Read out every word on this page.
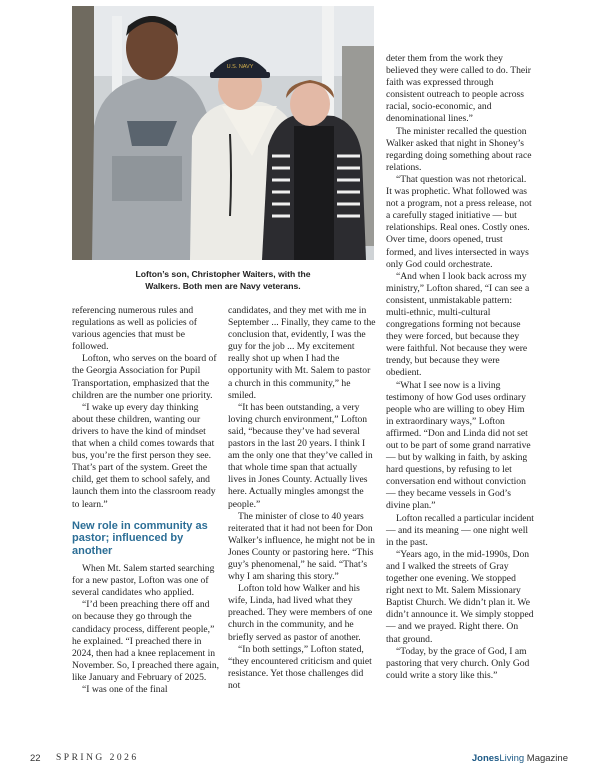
U.S. NAVY
Lofton’s son, Christopher Waiters, with the
Walkers. Both men are Navy veterans.

referencing numerous rules and regulations as well as policies of various agencies that must be followed.

Lofton, who serves on the board of the Georgia Association for Pupil Transportation, emphasized that the children are the number one priority.

“I wake up every day thinking about these children, wanting our drivers to have the kind of mindset that when a child comes towards that bus, you’re the first person they see. That’s part of the system. Greet the child, get them to school safely, and launch them into the classroom ready to learn.”

New role in community as pastor; influenced by another

When Mt. Salem started searching for a new pastor, Lofton was one of several candidates who applied.

“I’d been preaching there off and on because they go through the candidacy process, different people,” he explained. “I preached there in 2024, then had a knee replacement in November. So, I preached there again, like January and February of 2025.

“I was one of the final

candidates, and they met with me in September ... Finally, they came to the conclusion that, evidently, I was the guy for the job ... My excitement really shot up when I had the opportunity with Mt. Salem to pastor a church in this community,” he smiled.

“It has been outstanding, a very loving church environment,” Lofton said, “because they’ve had several pastors in the last 20 years. I think I am the only one that they’ve called in that whole time span that actually lives in Jones County. Actually lives here. Actually mingles amongst the people.”

The minister of close to 40 years reiterated that it had not been for Don Walker’s influence, he might not be in Jones County or pastoring here. “This guy’s phenomenal,” he said. “That’s why I am sharing this story.”

Lofton told how Walker and his wife, Linda, had lived what they preached. They were members of one church in the community, and he briefly served as pastor of another.

“In both settings,” Lofton stated, “they encountered criticism and quiet resistance. Yet those challenges did not

deter them from the work they believed they were called to do. Their faith was expressed through consistent outreach to people across racial, socio-economic, and denominational lines.”

The minister recalled the question Walker asked that night in Shoney’s regarding doing something about race relations.

“That question was not rhetorical. It was prophetic. What followed was not a program, not a press release, not a carefully staged initiative — but relationships. Real ones. Costly ones. Over time, doors opened, trust formed, and lives intersected in ways only God could orchestrate.

“And when I look back across my ministry,” Lofton shared, “I can see a consistent, unmistakable pattern: multi-ethnic, multi-cultural congregations forming not because they were forced, but because they were faithful. Not because they were trendy, but because they were obedient.

“What I see now is a living testimony of how God uses ordinary people who are willing to obey Him in extraordinary ways,” Lofton affirmed. “Don and Linda did not set out to be part of some grand narrative — but by walking in faith, by asking hard questions, by refusing to let conversation end without conviction — they became vessels in God’s divine plan.”

Lofton recalled a particular incident — and its meaning — one night well in the past.

“Years ago, in the mid-1990s, Don and I walked the streets of Gray together one evening. We stopped right next to Mt. Salem Missionary Baptist Church. We didn’t plan it. We didn’t announce it. We simply stopped — and we prayed. Right there. On that ground.

“Today, by the grace of God, I am pastoring that very church. Only God could write a story like this.”

22 SPRING 2026	JonesLiving Magazine
